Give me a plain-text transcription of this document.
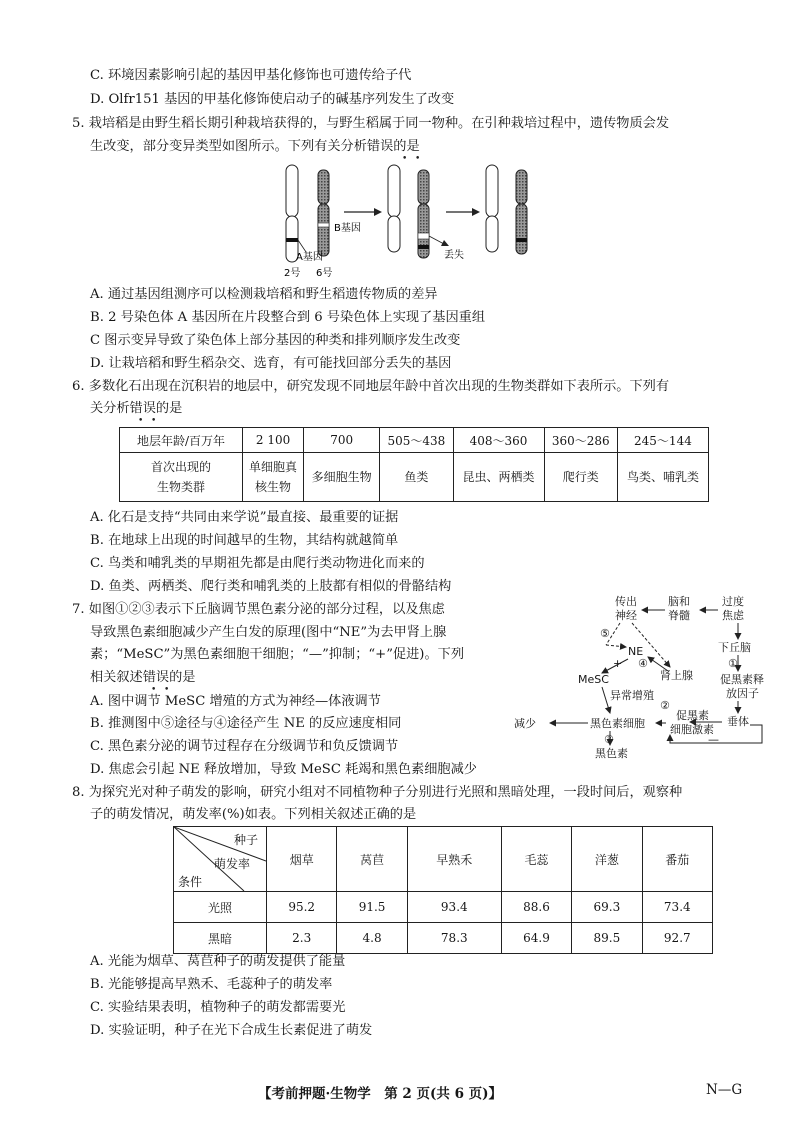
C. 环境因素影响引起的基因甲基化修饰也可遗传给子代
D. Olfr151 基因的甲基化修饰使启动子的碱基序列发生了改变
5. 栽培稻是由野生稻长期引种栽培获得的，与野生稻属于同一物种。在引种栽培过程中，遗传物质会发
生改变，部分变异类型如图所示。下列有关分析错误的是
• •
B基因
A基因
2号 6号
丢失
A. 通过基因组测序可以检测栽培稻和野生稻遗传物质的差异
B. 2 号染色体 A 基因所在片段整合到 6 号染色体上实现了基因重组
C 图示变异导致了染色体上部分基因的种类和排列顺序发生改变
D. 让栽培稻和野生稻杂交、选育，有可能找回部分丢失的基因
6. 多数化石出现在沉积岩的地层中，研究发现不同地层年龄中首次出现的生物类群如下表所示。下列有
关分析错误的是
• •
地层年龄/百万年	2 100	700	505～438	408～360	360～286	245～144
首次出现的
生物类群	单细胞真
核生物	多细胞生物	鱼类	昆虫、两栖类	爬行类	鸟类、哺乳类
A. 化石是支持“共同由来学说”最直接、最重要的证据
B. 在地球上出现的时间越早的生物，其结构就越简单
C. 鸟类和哺乳类的早期祖先都是由爬行类动物进化而来的
D. 鱼类、两栖类、爬行类和哺乳类的上肢都有相似的骨骼结构
7. 如图①②③表示下丘脑调节黑色素分泌的部分过程，以及焦虑
导致黑色素细胞减少产生白发的原理(图中“NE”为去甲肾上腺
素；“MeSC”为黑色素细胞干细胞；“—”抑制；“+”促进)。下列
相关叙述错误的是
• •
A. 图中调节 MeSC 增殖的方式为神经—体液调节
B. 推测图中⑤途径与④途径产生 NE 的反应速度相同
C. 黑色素分泌的调节过程存在分级调节和负反馈调节
D. 焦虑会引起 NE 释放增加，导致 MeSC 耗竭和黑色素细胞减少
传出
神经
脑和
脊髓
过度
焦虑
下丘脑
①
促黑素释
放因子
垂体
②
促黑素
细胞激素
⑤
④
NE
肾上腺
MeSC
异常增殖
黑色素细胞
减少
③
黑色素
+
—
8. 为探究光对种子萌发的影响，研究小组对不同植物种子分别进行光照和黑暗处理，一段时间后，观察种
子的萌发情况，萌发率(%)如表。下列相关叙述正确的是
种子
萌发率
条件	烟草	莴苣	早熟禾	毛蕊	洋葱	番茄
光照	95.2	91.5	93.4	88.6	69.3	73.4
黑暗	2.3	4.8	78.3	64.9	89.5	92.7
A. 光能为烟草、莴苣种子的萌发提供了能量
B. 光能够提高早熟禾、毛蕊种子的萌发率
C. 实验结果表明，植物种子的萌发都需要光
D. 实验证明，种子在光下合成生长素促进了萌发
【考前押题·生物学　第 2 页(共 6 页)】	N—G
